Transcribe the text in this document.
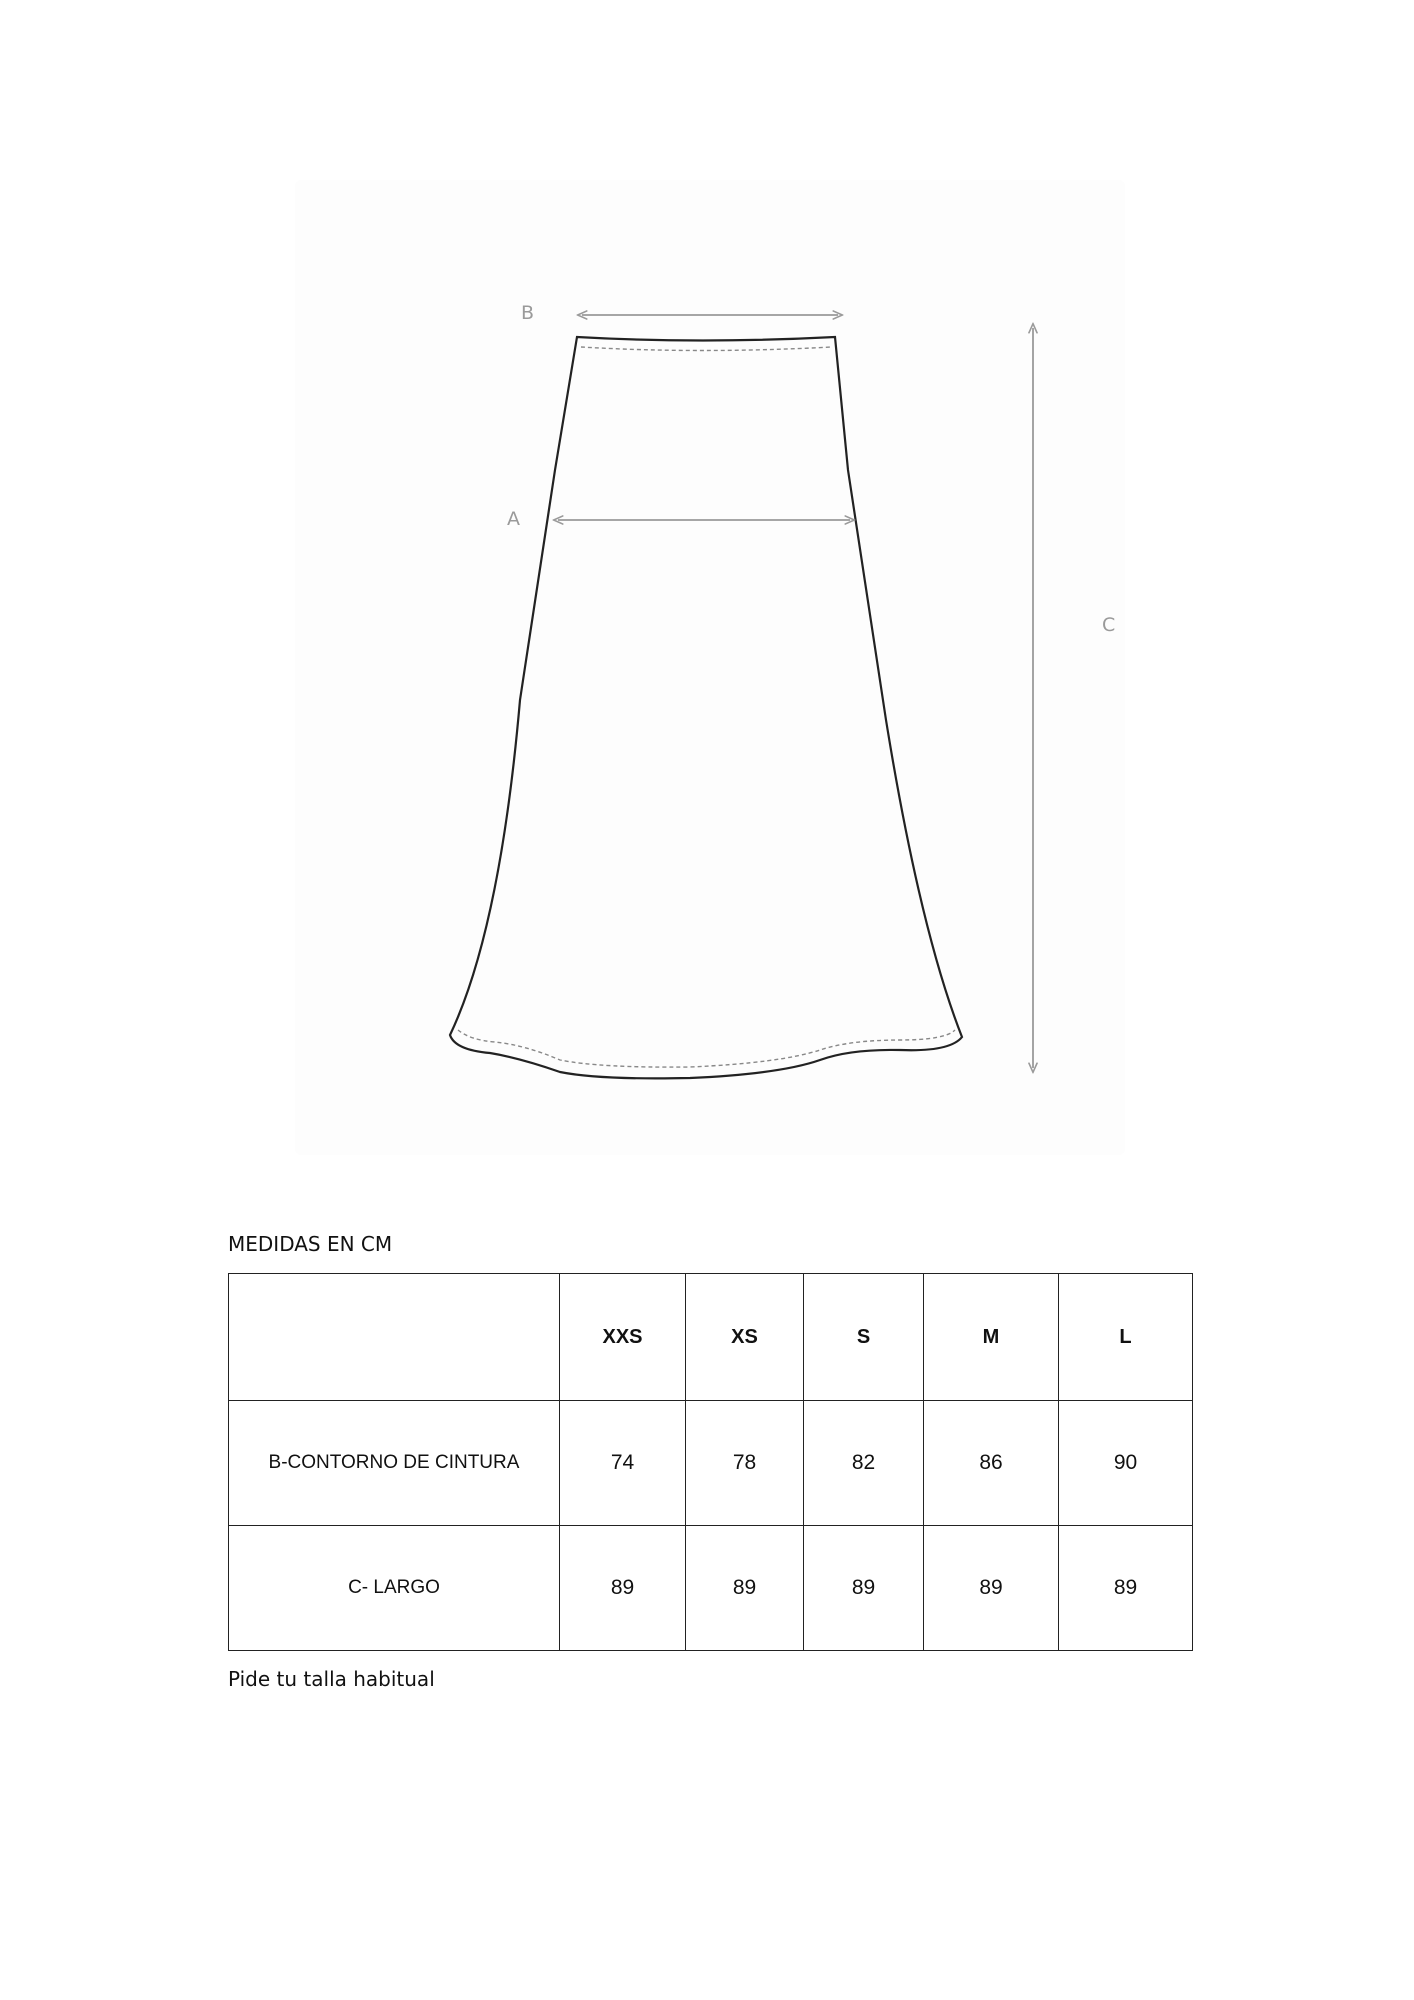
B
A
C
MEDIDAS EN CM
	XXS	XS	S	M	L
B-CONTORNO DE CINTURA	74	78	82	86	90
C- LARGO	89	89	89	89	89
Pide tu talla habitual
